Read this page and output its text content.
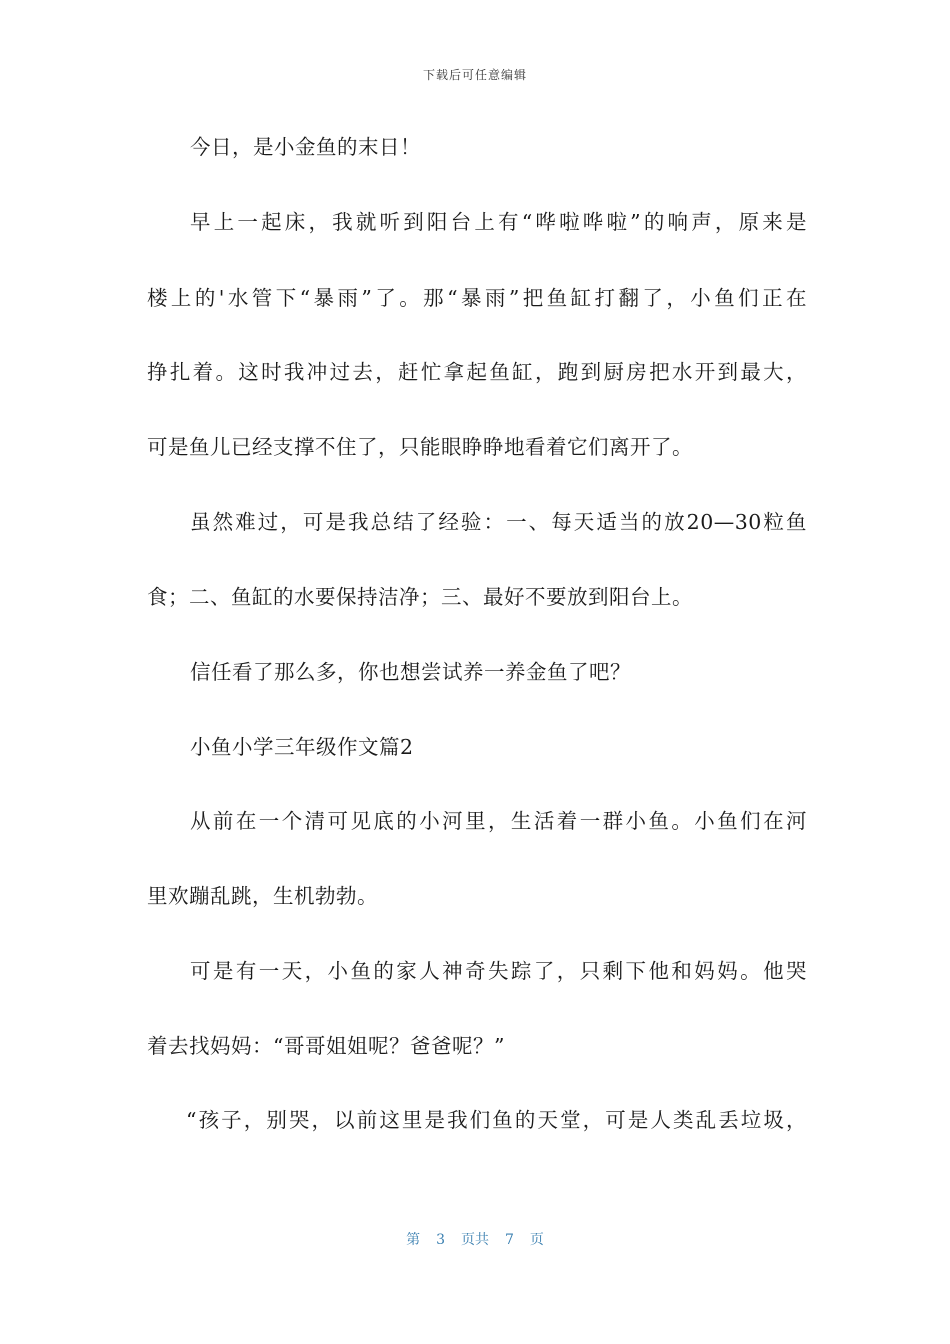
下载后可任意编辑
今日，是小金鱼的末日！
早上一起床，我就听到阳台上有“哗啦哗啦”的响声，原来是
楼上的'水管下“暴雨”了。那“暴雨”把鱼缸打翻了，小鱼们正在
挣扎着。这时我冲过去，赶忙拿起鱼缸，跑到厨房把水开到最大，
可是鱼儿已经支撑不住了，只能眼睁睁地看着它们离开了。
虽然难过，可是我总结了经验：一、每天适当的放20—30粒鱼
食；二、鱼缸的水要保持洁净；三、最好不要放到阳台上。
信任看了那么多，你也想尝试养一养金鱼了吧？
小鱼小学三年级作文篇2
从前在一个清可见底的小河里，生活着一群小鱼。小鱼们在河
里欢蹦乱跳，生机勃勃。
可是有一天，小鱼的家人神奇失踪了，只剩下他和妈妈。他哭
着去找妈妈：“哥哥姐姐呢？爸爸呢？”
“孩子，别哭，以前这里是我们鱼的天堂，可是人类乱丢垃圾，
第 3 页共 7 页
